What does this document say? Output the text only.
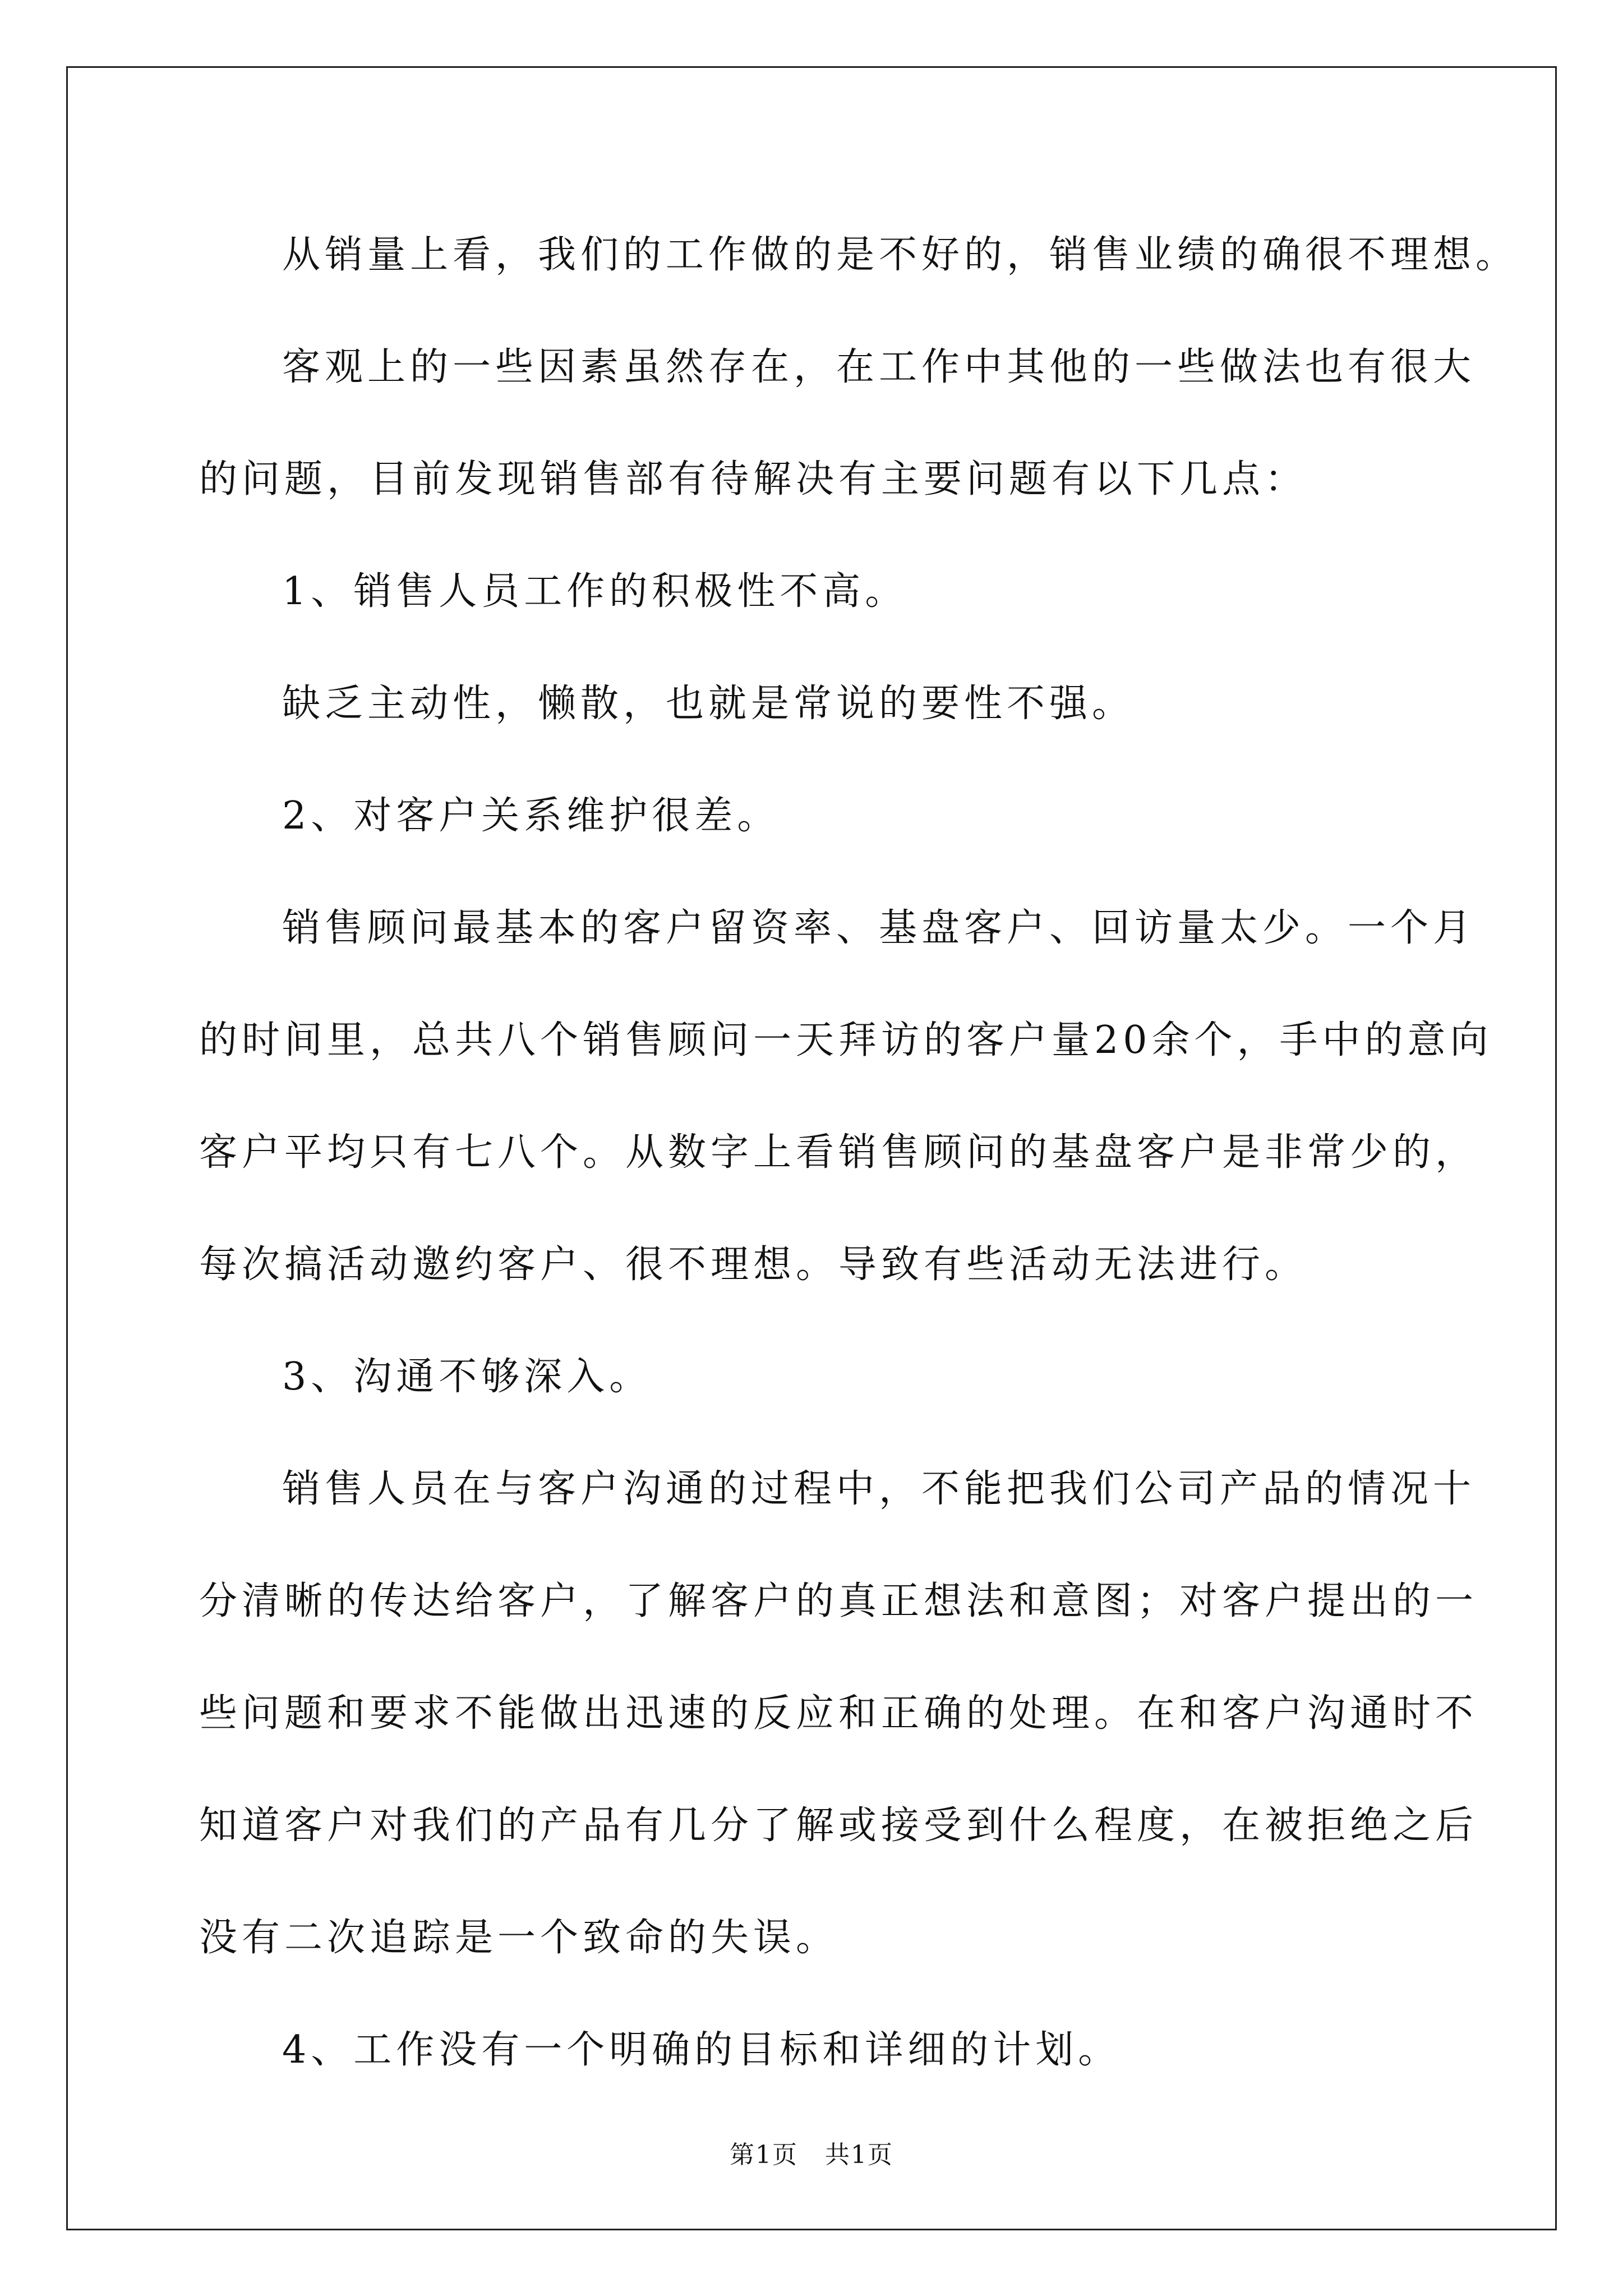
从销量上看，我们的工作做的是不好的，销售业绩的确很不理想。
客观上的一些因素虽然存在，在工作中其他的一些做法也有很大
的问题，目前发现销售部有待解决有主要问题有以下几点：
1、销售人员工作的积极性不高。
缺乏主动性，懒散，也就是常说的要性不强。
2、对客户关系维护很差。
销售顾问最基本的客户留资率、基盘客户、回访量太少。一个月
的时间里，总共八个销售顾问一天拜访的客户量20余个，手中的意向
客户平均只有七八个。从数字上看销售顾问的基盘客户是非常少的，
每次搞活动邀约客户、很不理想。导致有些活动无法进行。
3、沟通不够深入。
销售人员在与客户沟通的过程中，不能把我们公司产品的情况十
分清晰的传达给客户，了解客户的真正想法和意图；对客户提出的一
些问题和要求不能做出迅速的反应和正确的处理。在和客户沟通时不
知道客户对我们的产品有几分了解或接受到什么程度，在被拒绝之后
没有二次追踪是一个致命的失误。
4、工作没有一个明确的目标和详细的计划。
第1页 共1页
